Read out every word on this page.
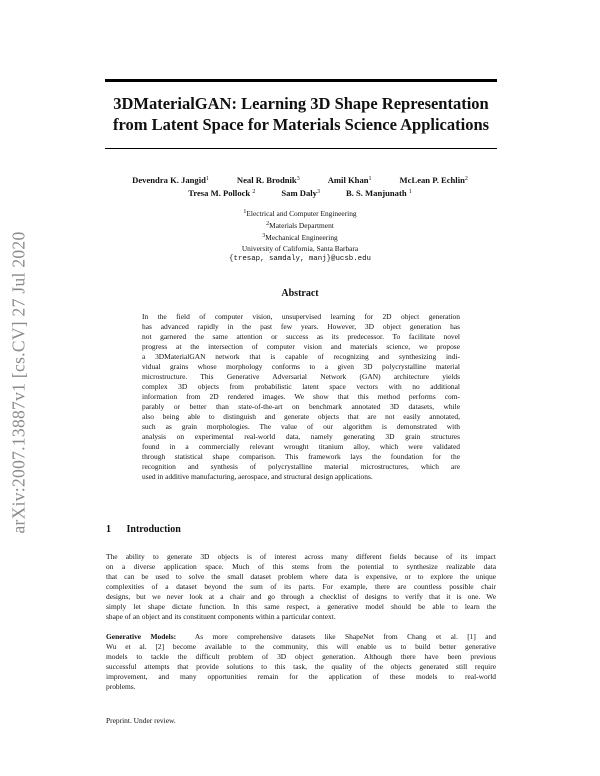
arXiv:2007.13887v1 [cs.CV] 27 Jul 2020
3DMaterialGAN: Learning 3D Shape Representation
from Latent Space for Materials Science Applications
Devendra K. Jangid$^1$	Neal R. Brodnik$^3$	Amil Khan$^1$	McLean P. Echlin$^2$
Tresa M. Pollock $^2$	Sam Daly$^3$	B. S. Manjunath $^1$
$^1$Electrical and Computer Engineering
$^2$Materials Department
$^3$Mechanical Engineering
University of California, Santa Barbara
{tresap, samdaly, manj}@ucsb.edu
Abstract
In the field of computer vision, unsupervised learning for 2D object generation
has advanced rapidly in the past few years. However, 3D object generation has
not garnered the same attention or success as its predecessor. To facilitate novel
progress at the intersection of computer vision and materials science, we propose
a 3DMaterialGAN network that is capable of recognizing and synthesizing indi-
vidual grains whose morphology conforms to a given 3D polycrystalline material
microstructure. This Generative Adversarial Network (GAN) architecture yields
complex 3D objects from probabilistic latent space vectors with no additional
information from 2D rendered images. We show that this method performs com-
parably or better than state-of-the-art on benchmark annotated 3D datasets, while
also being able to distinguish and generate objects that are not easily annotated,
such as grain morphologies. The value of our algorithm is demonstrated with
analysis on experimental real-world data, namely generating 3D grain structures
found in a commercially relevant wrought titanium alloy, which were validated
through statistical shape comparison. This framework lays the foundation for the
recognition and synthesis of polycrystalline material microstructures, which are
used in additive manufacturing, aerospace, and structural design applications.
1 Introduction
The ability to generate 3D objects is of interest across many different fields because of its impact
on a diverse application space. Much of this stems from the potential to synthesize realizable data
that can be used to solve the small dataset problem where data is expensive, or to explore the unique
complexities of a dataset beyond the sum of its parts. For example, there are countless possible chair
designs, but we never look at a chair and go through a checklist of designs to verify that it is one. We
simply let shape dictate function. In this same respect, a generative model should be able to learn the
shape of an object and its constituent components within a particular context.
Generative Models:	As more comprehensive datasets like ShapeNet from Chang et al. [1] and
Wu et al. [2] become available to the community, this will enable us to build better generative
models to tackle the difficult problem of 3D object generation. Although there have been previous
successful attempts that provide solutions to this task, the quality of the objects generated still require
improvement, and many opportunities remain for the application of these models to real-world
problems.
Preprint. Under review.
